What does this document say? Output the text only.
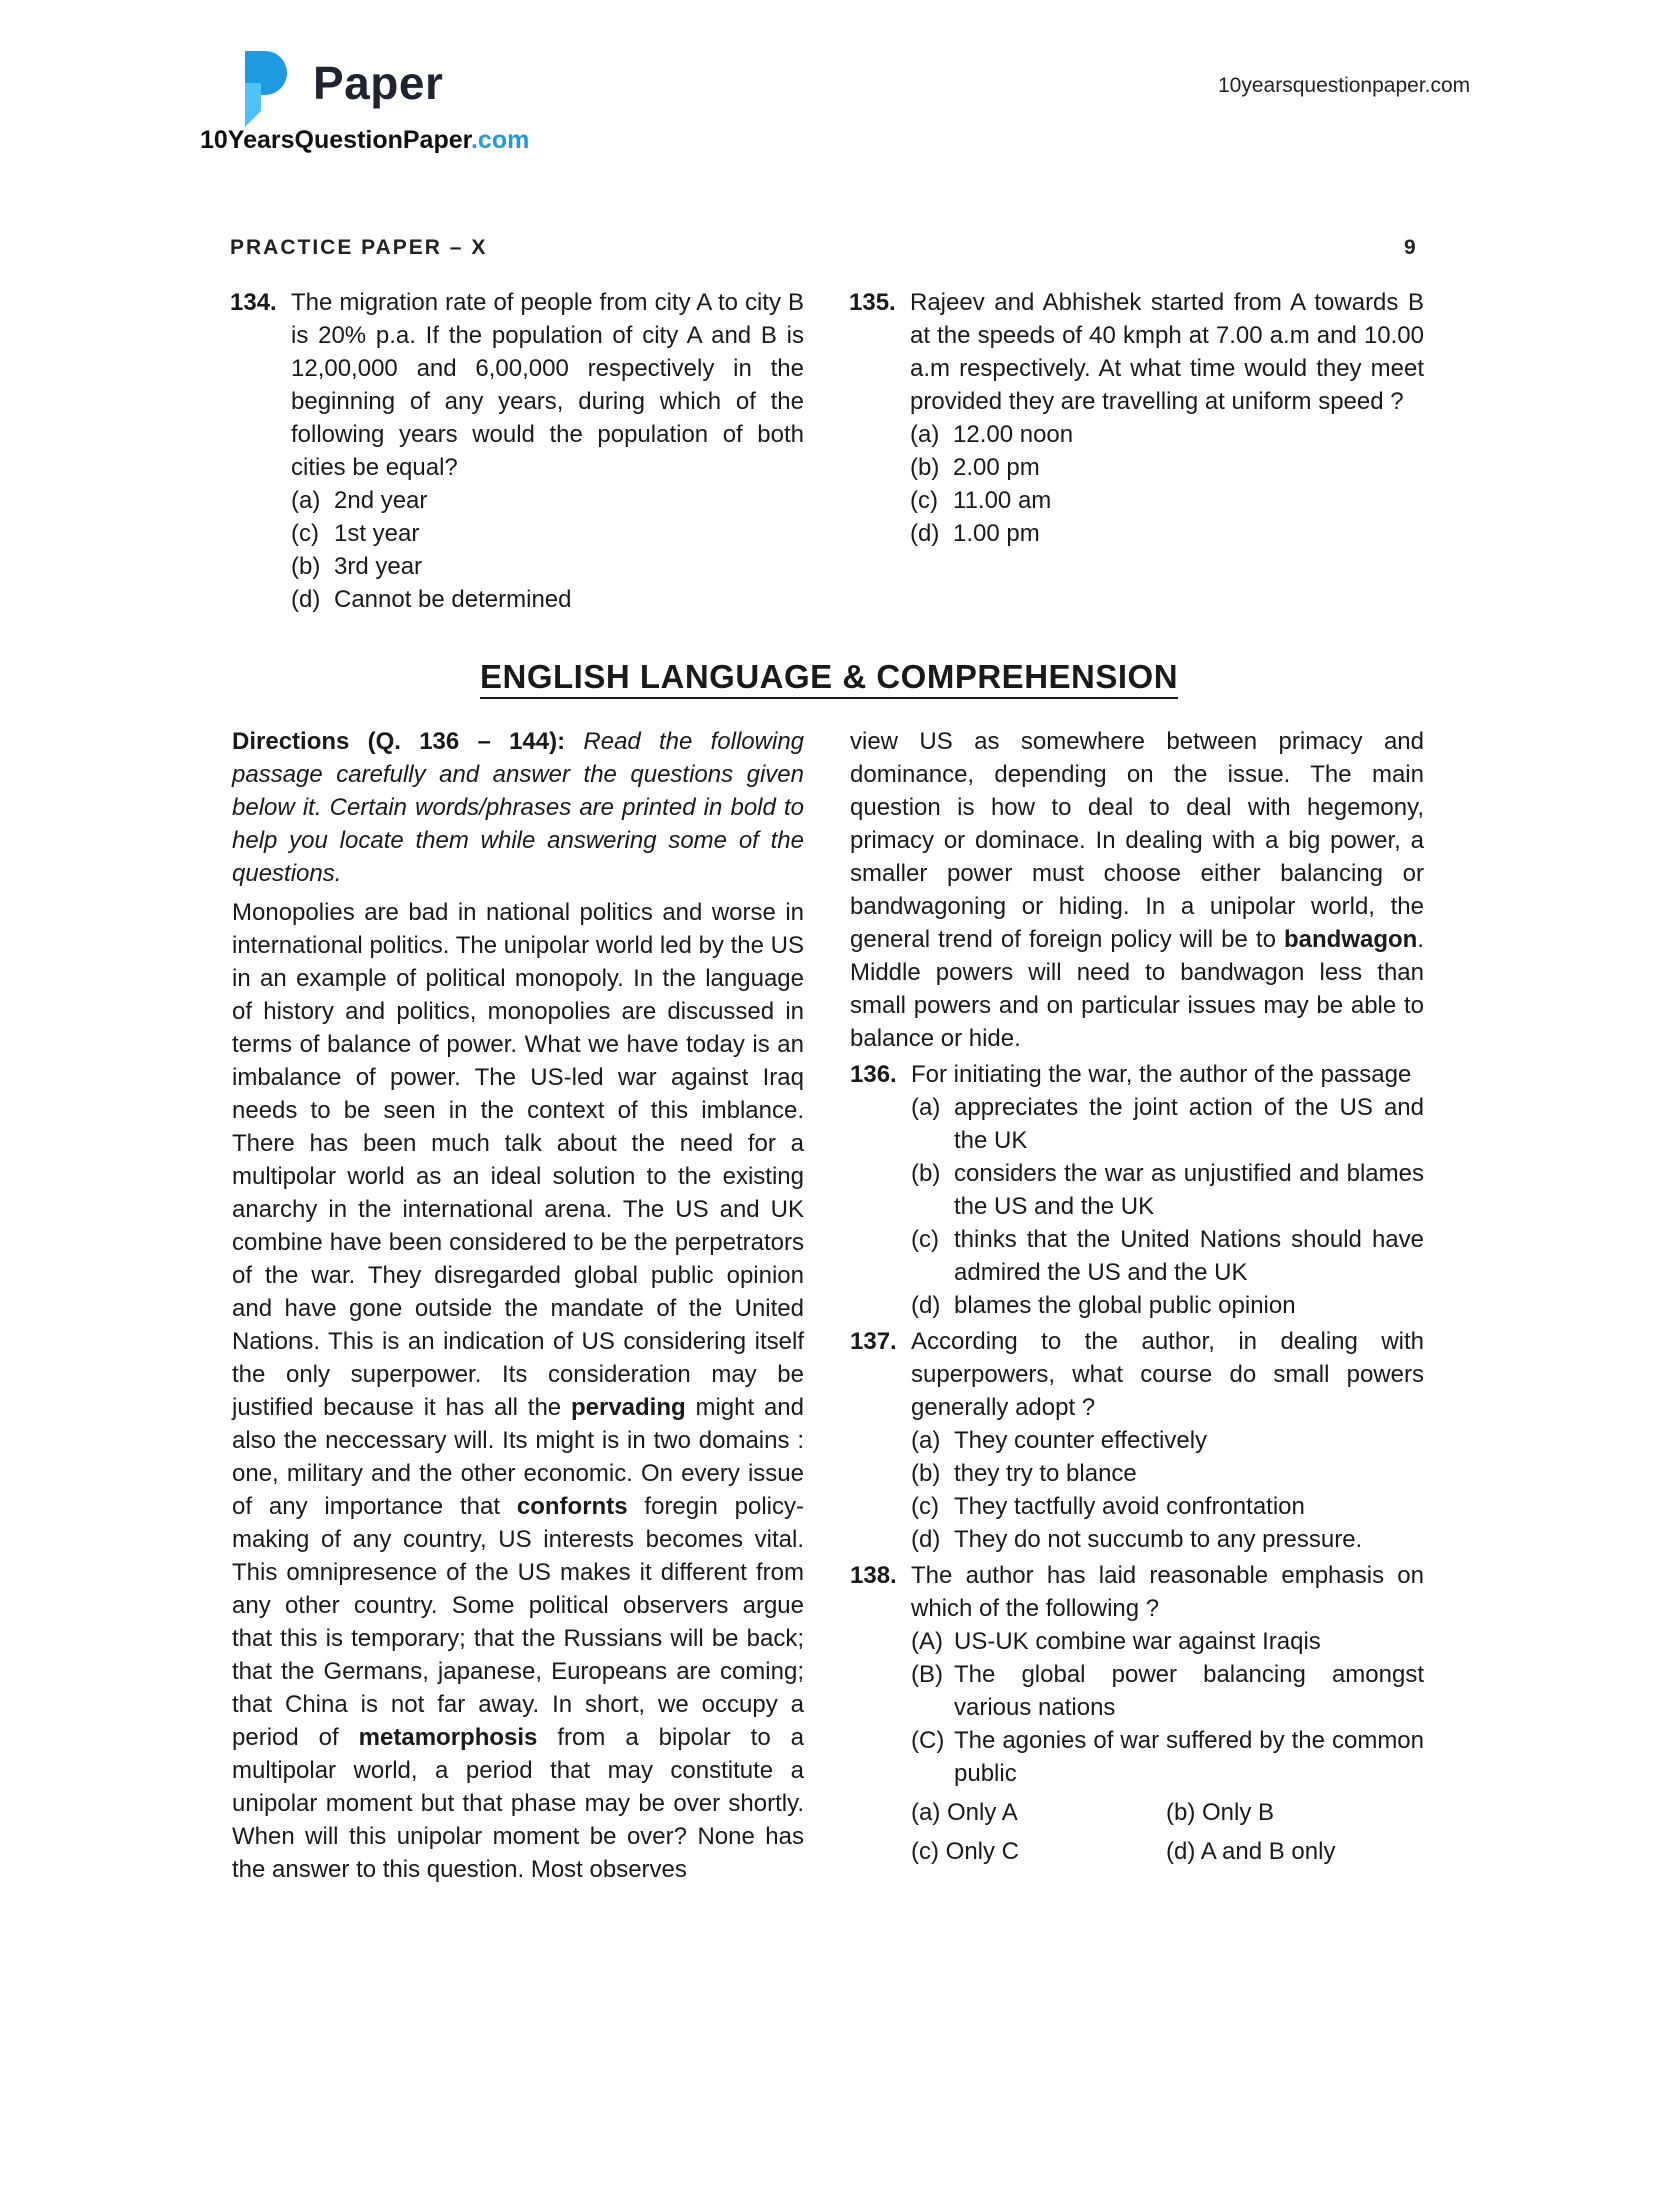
Paper
10YearsQuestionPaper.com
10yearsquestionpaper.com
PRACTICE PAPER – X	9

134. The migration rate of people from city A to city B is 20% p.a. If the population of city A and B is 12,00,000 and 6,00,000 respectively in the beginning of any years, during which of the following years would the population of both cities be equal?

(a) 2nd year

(c) 1st year

(b) 3rd year

(d) Cannot be determined

135. Rajeev and Abhishek started from A towards B at the speeds of 40 kmph at 7.00 a.m and 10.00 a.m respectively. At what time would they meet provided they are travelling at uniform speed ?

(a) 12.00 noon

(b) 2.00 pm

(c) 11.00 am

(d) 1.00 pm

ENGLISH LANGUAGE & COMPREHENSION

Directions (Q. 136 – 144): Read the following passage carefully and answer the questions given below it. Certain words/phrases are printed in bold to help you locate them while answering some of the questions.

Monopolies are bad in national politics and worse in international politics. The unipolar world led by the US in an example of political monopoly. In the language of history and politics, monopolies are discussed in terms of balance of power. What we have today is an imbalance of power. The US-led war against Iraq needs to be seen in the context of this imblance. There has been much talk about the need for a multipolar world as an ideal solution to the existing anarchy in the international arena. The US and UK combine have been considered to be the perpetrators of the war. They disregarded global public opinion and have gone outside the mandate of the United Nations. This is an indication of US considering itself the only superpower. Its consideration may be justified because it has all the pervading might and also the neccessary will. Its might is in two domains : one, military and the other economic. On every issue of any importance that confornts foregin policy-making of any country, US interests becomes vital. This omnipresence of the US makes it different from any other country. Some political observers argue that this is temporary; that the Russians will be back; that the Germans, japanese, Europeans are coming; that China is not far away. In short, we occupy a period of metamorphosis from a bipolar to a multipolar world, a period that may constitute a unipolar moment but that phase may be over shortly. When will this unipolar moment be over? None has the answer to this question. Most observes

view US as somewhere between primacy and dominance, depending on the issue. The main question is how to deal to deal with hegemony, primacy or dominace. In dealing with a big power, a smaller power must choose either balancing or bandwagoning or hiding. In a unipolar world, the general trend of foreign policy will be to bandwagon. Middle powers will need to bandwagon less than small powers and on particular issues may be able to balance or hide.

136. For initiating the war, the author of the passage

(a) appreciates the joint action of the US and the UK

(b) considers the war as unjustified and blames the US and the UK

(c) thinks that the United Nations should have admired the US and the UK

(d) blames the global public opinion

137. According to the author, in dealing with superpowers, what course do small powers generally adopt ?

(a) They counter effectively

(b) they try to blance

(c) They tactfully avoid confrontation

(d) They do not succumb to any pressure.

138. The author has laid reasonable emphasis on which of the following ?

(A) US-UK combine war against Iraqis

(B) The global power balancing amongst various nations

(C) The agonies of war suffered by the common public

(a) Only A	(b) Only B
(c) Only C	(d) A and B only
